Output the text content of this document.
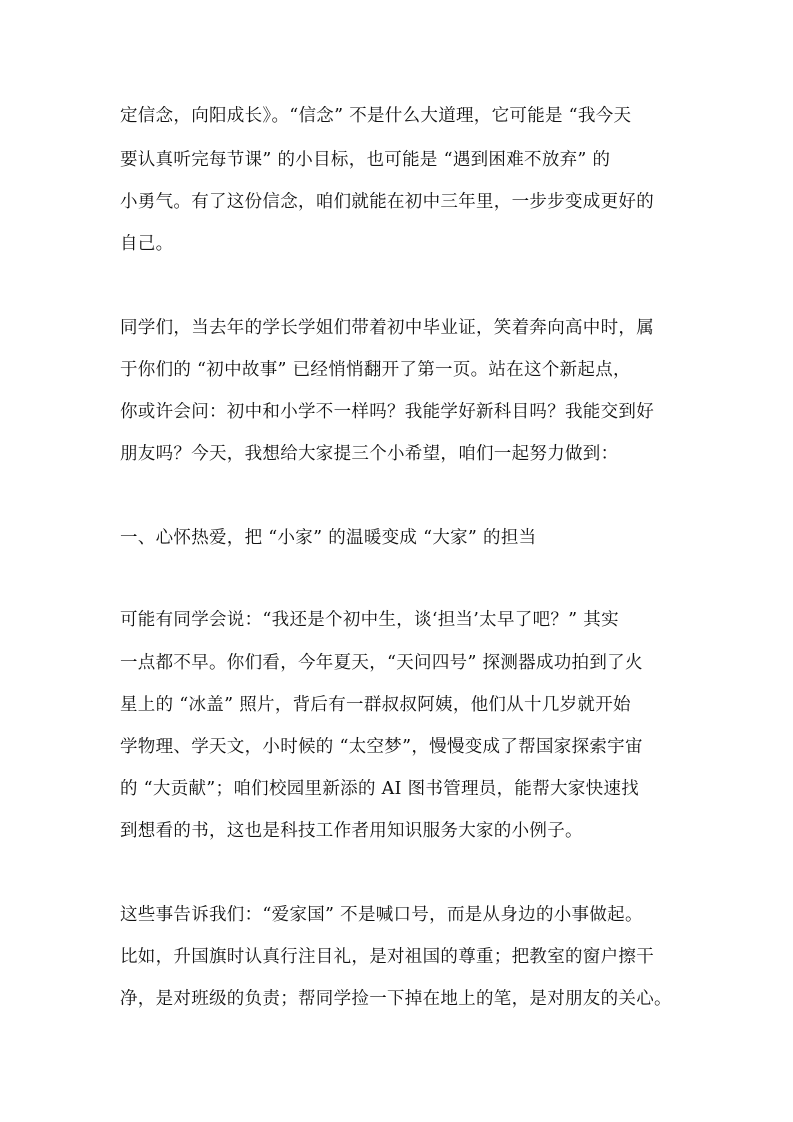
定信念，向阳成长》。“信念” 不是什么大道理，它可能是 “我今天
要认真听完每节课” 的小目标，也可能是 “遇到困难不放弃” 的
小勇气。有了这份信念，咱们就能在初中三年里，一步步变成更好的
自己。
同学们，当去年的学长学姐们带着初中毕业证，笑着奔向高中时，属
于你们的 “初中故事” 已经悄悄翻开了第一页。站在这个新起点，
你或许会问：初中和小学不一样吗？我能学好新科目吗？我能交到好
朋友吗？今天，我想给大家提三个小希望，咱们一起努力做到：
一、心怀热爱，把 “小家” 的温暖变成 “大家” 的担当
可能有同学会说：“我还是个初中生，谈‘担当’太早了吧？” 其实
一点都不早。你们看，今年夏天，“天问四号” 探测器成功拍到了火
星上的 “冰盖” 照片，背后有一群叔叔阿姨，他们从十几岁就开始
学物理、学天文，小时候的 “太空梦”，慢慢变成了帮国家探索宇宙
的 “大贡献”；咱们校园里新添的 AI 图书管理员，能帮大家快速找
到想看的书，这也是科技工作者用知识服务大家的小例子。
这些事告诉我们：“爱家国” 不是喊口号，而是从身边的小事做起。
比如，升国旗时认真行注目礼，是对祖国的尊重；把教室的窗户擦干
净，是对班级的负责；帮同学捡一下掉在地上的笔，是对朋友的关心。
